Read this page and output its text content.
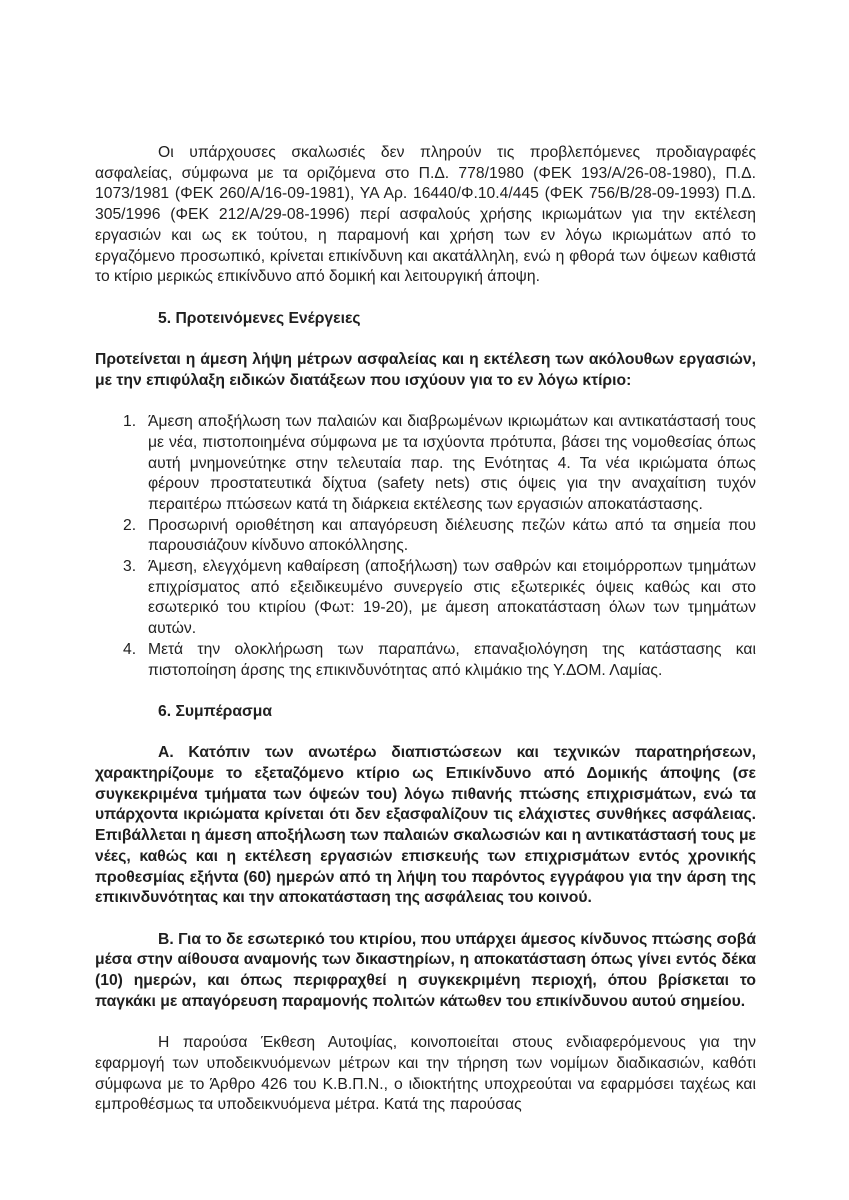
Οι υπάρχουσες σκαλωσιές δεν πληρούν τις προβλεπόμενες προδιαγραφές ασφαλείας, σύμφωνα με τα οριζόμενα στο Π.Δ. 778/1980 (ΦΕΚ 193/Α/26-08-1980), Π.Δ. 1073/1981 (ΦΕΚ 260/Α/16-09-1981), ΥΑ Αρ. 16440/Φ.10.4/445 (ΦΕΚ 756/Β/28-09-1993) Π.Δ. 305/1996 (ΦΕΚ 212/Α/29-08-1996) περί ασφαλούς χρήσης ικριωμάτων για την εκτέλεση εργασιών και ως εκ τούτου, η παραμονή και χρήση των εν λόγω ικριωμάτων από το εργαζόμενο προσωπικό, κρίνεται επικίνδυνη και ακατάλληλη, ενώ η φθορά των όψεων καθιστά το κτίριο μερικώς επικίνδυνο από δομική και λειτουργική άποψη.

5. Προτεινόμενες Ενέργειες

Προτείνεται η άμεση λήψη μέτρων ασφαλείας και η εκτέλεση των ακόλουθων εργασιών, με την επιφύλαξη ειδικών διατάξεων που ισχύουν για το εν λόγω κτίριο:

1. Άμεση αποξήλωση των παλαιών και διαβρωμένων ικριωμάτων και αντικατάστασή τους με νέα, πιστοποιημένα σύμφωνα με τα ισχύοντα πρότυπα, βάσει της νομοθεσίας όπως αυτή μνημονεύτηκε στην τελευταία παρ. της Ενότητας 4. Τα νέα ικριώματα όπως φέρουν προστατευτικά δίχτυα (safety nets) στις όψεις για την αναχαίτιση τυχόν περαιτέρω πτώσεων κατά τη διάρκεια εκτέλεσης των εργασιών αποκατάστασης.
2. Προσωρινή οριοθέτηση και απαγόρευση διέλευσης πεζών κάτω από τα σημεία που παρουσιάζουν κίνδυνο αποκόλλησης.
3. Άμεση, ελεγχόμενη καθαίρεση (αποξήλωση) των σαθρών και ετοιμόρροπων τμημάτων επιχρίσματος από εξειδικευμένο συνεργείο στις εξωτερικές όψεις καθώς και στο εσωτερικό του κτιρίου (Φωτ: 19-20), με άμεση αποκατάσταση όλων των τμημάτων αυτών.
4. Μετά την ολοκλήρωση των παραπάνω, επαναξιολόγηση της κατάστασης και πιστοποίηση άρσης της επικινδυνότητας από κλιμάκιο της Υ.ΔΟΜ. Λαμίας.

6. Συμπέρασμα

Α. Κατόπιν των ανωτέρω διαπιστώσεων και τεχνικών παρατηρήσεων, χαρακτηρίζουμε το εξεταζόμενο κτίριο ως Επικίνδυνο από Δομικής άποψης (σε συγκεκριμένα τμήματα των όψεών του) λόγω πιθανής πτώσης επιχρισμάτων, ενώ τα υπάρχοντα ικριώματα κρίνεται ότι δεν εξασφαλίζουν τις ελάχιστες συνθήκες ασφάλειας. Επιβάλλεται η άμεση αποξήλωση των παλαιών σκαλωσιών και η αντικατάστασή τους με νέες, καθώς και η εκτέλεση εργασιών επισκευής των επιχρισμάτων εντός χρονικής προθεσμίας εξήντα (60) ημερών από τη λήψη του παρόντος εγγράφου για την άρση της επικινδυνότητας και την αποκατάσταση της ασφάλειας του κοινού.

Β. Για το δε εσωτερικό του κτιρίου, που υπάρχει άμεσος κίνδυνος πτώσης σοβά μέσα στην αίθουσα αναμονής των δικαστηρίων, η αποκατάσταση όπως γίνει εντός δέκα (10) ημερών, και όπως περιφραχθεί η συγκεκριμένη περιοχή, όπου βρίσκεται το παγκάκι με απαγόρευση παραμονής πολιτών κάτωθεν του επικίνδυνου αυτού σημείου.

Η παρούσα Έκθεση Αυτοψίας, κοινοποιείται στους ενδιαφερόμενους για την εφαρμογή των υποδεικνυόμενων μέτρων και την τήρηση των νομίμων διαδικασιών, καθότι σύμφωνα με το Άρθρο 426 του Κ.Β.Π.Ν., ο ιδιοκτήτης υποχρεούται να εφαρμόσει ταχέως και εμπροθέσμως τα υποδεικνυόμενα μέτρα. Κατά της παρούσας
